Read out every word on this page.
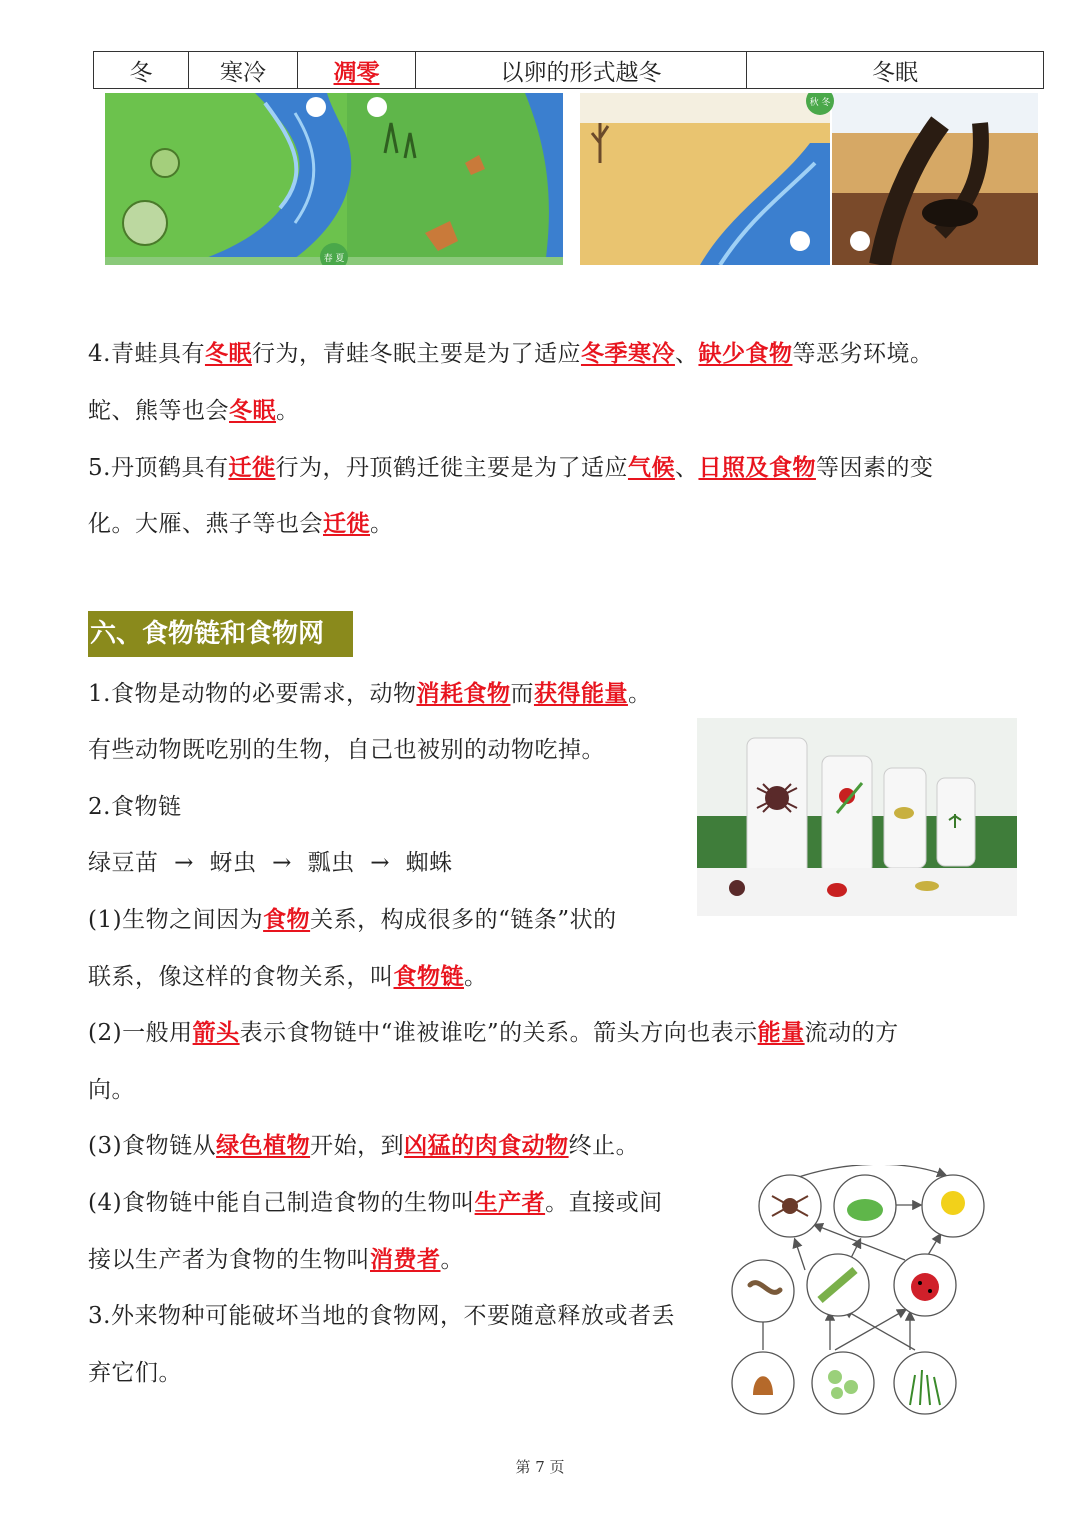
冬	寒冷	凋零	以卵的形式越冬	冬眠
春 夏
秋 冬
4.青蛙具有冬眠行为，青蛙冬眠主要是为了适应冬季寒冷、缺少食物等恶劣环境。
蛇、熊等也会冬眠。
5.丹顶鹤具有迁徙行为，丹顶鹤迁徙主要是为了适应气候、日照及食物等因素的变
化。大雁、燕子等也会迁徙。
六、食物链和食物网
1.食物是动物的必要需求，动物消耗食物而获得能量。
有些动物既吃别的生物，自己也被别的动物吃掉。
2.食物链
绿豆苗 → 蚜虫 → 瓢虫 → 蜘蛛
(1)生物之间因为食物关系，构成很多的“链条”状的
联系，像这样的食物关系，叫食物链。
(2)一般用箭头表示食物链中“谁被谁吃”的关系。箭头方向也表示能量流动的方
向。
(3)食物链从绿色植物开始，到凶猛的肉食动物终止。
(4)食物链中能自己制造食物的生物叫生产者。直接或间
接以生产者为食物的生物叫消费者。
3.外来物种可能破坏当地的食物网，不要随意释放或者丢
弃它们。
第 7 页
